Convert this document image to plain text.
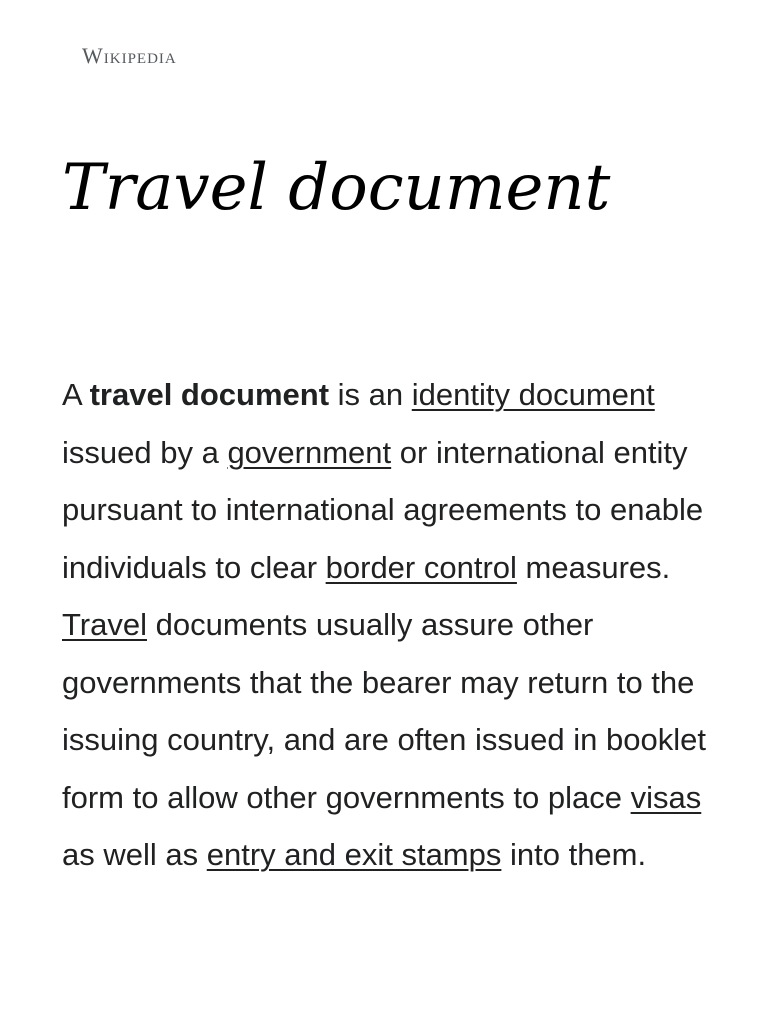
Wikipedia
Travel document

A travel document is an identity document issued by a government or international entity pursuant to international agreements to enable individuals to clear border control measures. Travel documents usually assure other governments that the bearer may return to the issuing country, and are often issued in booklet form to allow other governments to place visas as well as entry and exit stamps into them.
